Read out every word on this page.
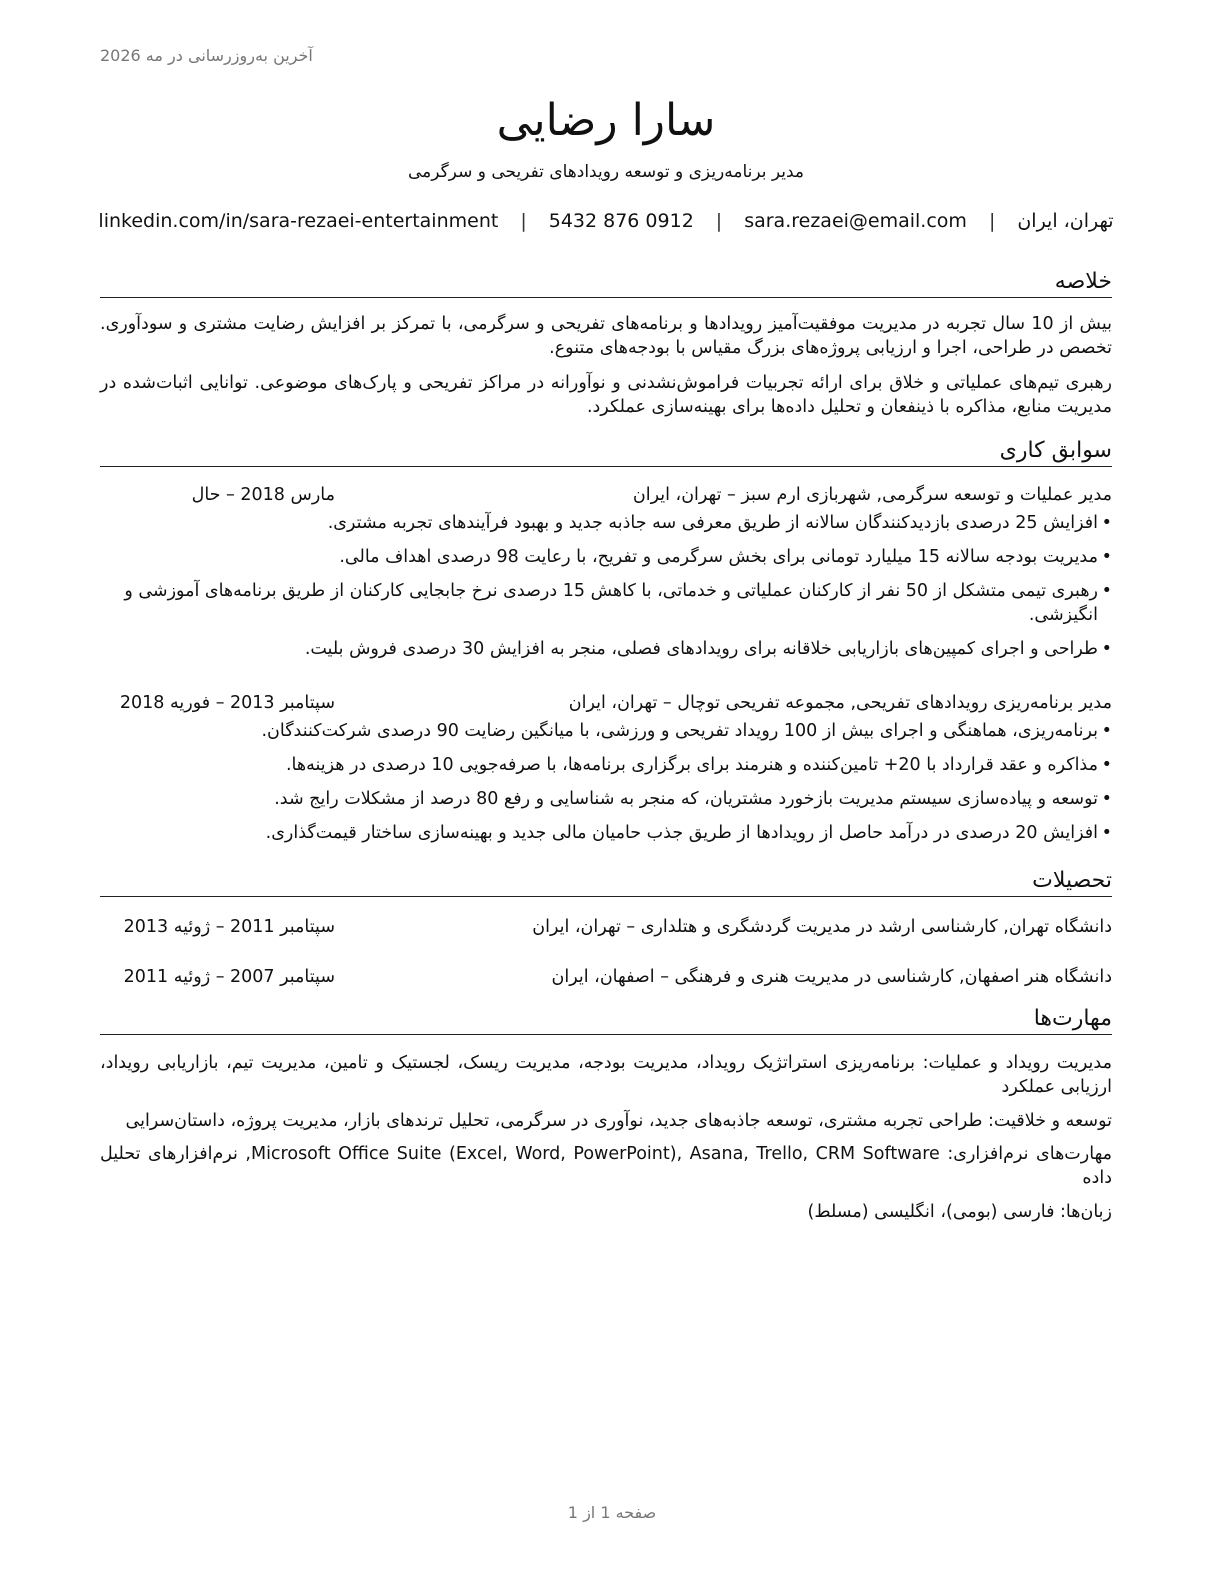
آخرین به‌روزرسانی در مه 2026
سارا رضایی
مدیر برنامه‌ریزی و توسعه رویدادهای تفریحی و سرگرمی
تهران، ایران
|
sara.rezaei@email.com
|
5432 876 0912
|
linkedin.com/in/sara-rezaei-entertainment
خلاصه

بیش از 10 سال تجربه در مدیریت موفقیت‌آمیز رویدادها و برنامه‌های تفریحی و سرگرمی، با تمرکز بر افزایش رضایت مشتری و سودآوری. تخصص در طراحی، اجرا و ارزیابی پروژه‌های بزرگ مقیاس با بودجه‌های متنوع.

رهبری تیم‌های عملیاتی و خلاق برای ارائه تجربیات فراموش‌نشدنی و نوآورانه در مراکز تفریحی و پارک‌های موضوعی. توانایی اثبات‌شده در مدیریت منابع، مذاکره با ذینفعان و تحلیل داده‌ها برای بهینه‌سازی عملکرد.

سوابق کاری
مدیر عملیات و توسعه سرگرمی, شهربازی ارم سبز – تهران، ایران
مارس 2018 – حال
• افزایش 25 درصدی بازدیدکنندگان سالانه از طریق معرفی سه جاذبه جدید و بهبود فرآیندهای تجربه مشتری.
• مدیریت بودجه سالانه 15 میلیارد تومانی برای بخش سرگرمی و تفریح، با رعایت 98 درصدی اهداف مالی.
• رهبری تیمی متشکل از 50 نفر از کارکنان عملیاتی و خدماتی، با کاهش 15 درصدی نرخ جابجایی کارکنان از طریق برنامه‌های آموزشی و انگیزشی.
• طراحی و اجرای کمپین‌های بازاریابی خلاقانه برای رویدادهای فصلی، منجر به افزایش 30 درصدی فروش بلیت.
مدیر برنامه‌ریزی رویدادهای تفریحی, مجموعه تفریحی توچال – تهران، ایران
سپتامبر 2013 – فوریه 2018
• برنامه‌ریزی، هماهنگی و اجرای بیش از 100 رویداد تفریحی و ورزشی، با میانگین رضایت 90 درصدی شرکت‌کنندگان.
• مذاکره و عقد قرارداد با 20+ تامین‌کننده و هنرمند برای برگزاری برنامه‌ها، با صرفه‌جویی 10 درصدی در هزینه‌ها.
• توسعه و پیاده‌سازی سیستم مدیریت بازخورد مشتریان، که منجر به شناسایی و رفع 80 درصد از مشکلات رایج شد.
• افزایش 20 درصدی در درآمد حاصل از رویدادها از طریق جذب حامیان مالی جدید و بهینه‌سازی ساختار قیمت‌گذاری.
تحصیلات
دانشگاه تهران, کارشناسی ارشد در مدیریت گردشگری و هتلداری – تهران، ایران
سپتامبر 2011 – ژوئیه 2013
دانشگاه هنر اصفهان, کارشناسی در مدیریت هنری و فرهنگی – اصفهان، ایران
سپتامبر 2007 – ژوئیه 2011
مهارت‌ها

مدیریت رویداد و عملیات: برنامه‌ریزی استراتژیک رویداد، مدیریت بودجه، مدیریت ریسک، لجستیک و تامین، مدیریت تیم، بازاریابی رویداد، ارزیابی عملکرد

توسعه و خلاقیت: طراحی تجربه مشتری، توسعه جاذبه‌های جدید، نوآوری در سرگرمی، تحلیل ترندهای بازار، مدیریت پروژه، داستان‌سرایی

مهارت‌های نرم‌افزاری: Microsoft Office Suite (Excel, Word, PowerPoint), Asana, Trello, CRM Software, نرم‌افزارهای تحلیل داده

زبان‌ها: فارسی (بومی)، انگلیسی (مسلط)

صفحه 1 از 1
